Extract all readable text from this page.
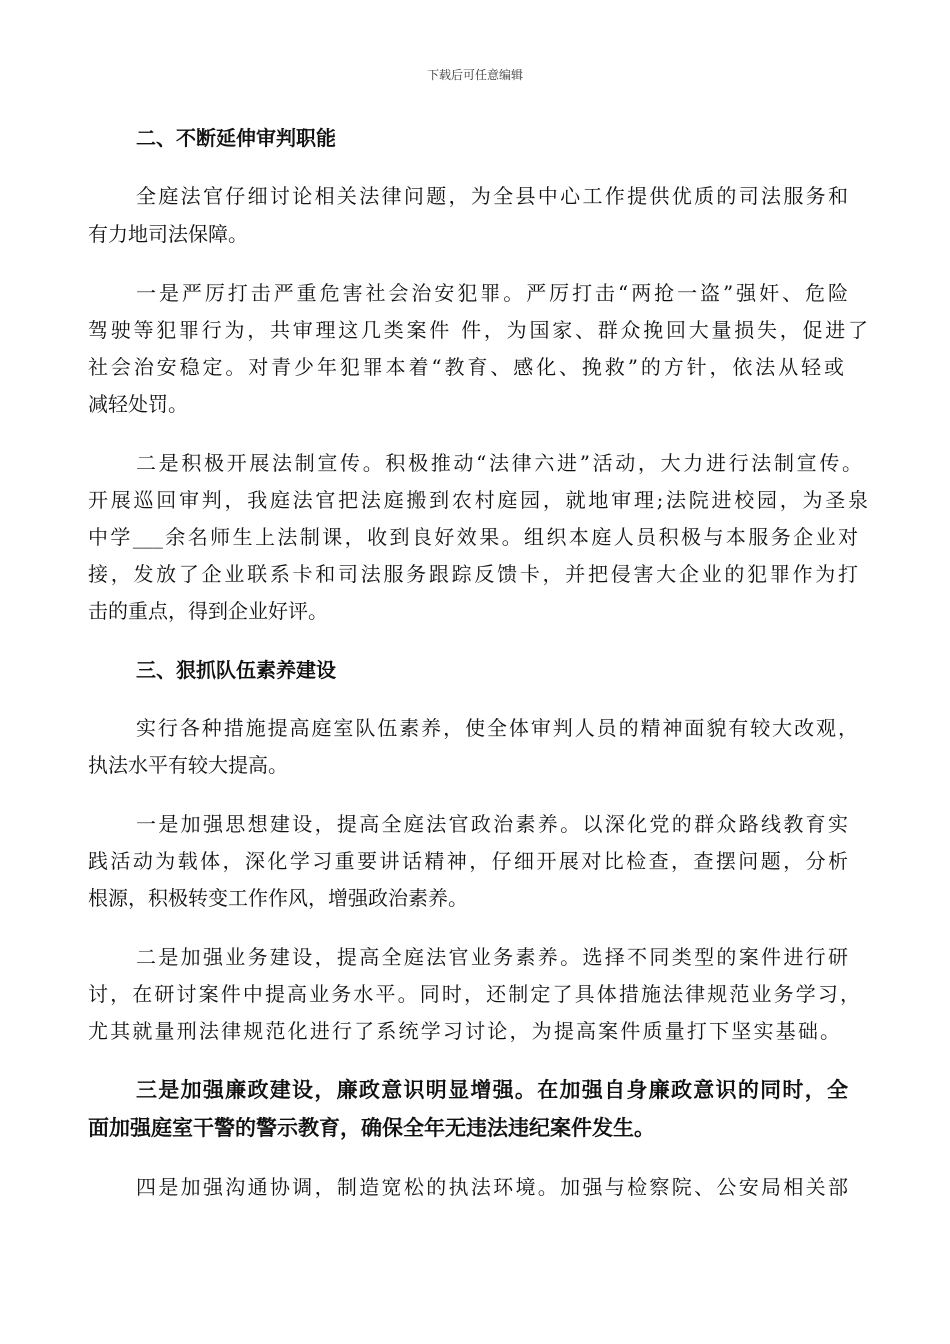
下载后可任意编辑
二、不断延伸审判职能
全庭法官仔细讨论相关法律问题，为全县中心工作提供优质的司法服务和
有力地司法保障。
一是严厉打击严重危害社会治安犯罪。严厉打击“两抢一盗”强奸、危险
驾驶等犯罪行为，共审理这几类案件 件，为国家、群众挽回大量损失，促进了
社会治安稳定。对青少年犯罪本着“教育、感化、挽救”的方针，依法从轻或
减轻处罚。
二是积极开展法制宣传。积极推动“法律六进”活动，大力进行法制宣传。
开展巡回审判，我庭法官把法庭搬到农村庭园，就地审理;法院进校园，为圣泉
中学___余名师生上法制课，收到良好效果。组织本庭人员积极与本服务企业对
接，发放了企业联系卡和司法服务跟踪反馈卡，并把侵害大企业的犯罪作为打
击的重点，得到企业好评。
三、狠抓队伍素养建设
实行各种措施提高庭室队伍素养，使全体审判人员的精神面貌有较大改观，
执法水平有较大提高。
一是加强思想建设，提高全庭法官政治素养。以深化党的群众路线教育实
践活动为载体，深化学习重要讲话精神，仔细开展对比检查，查摆问题，分析
根源，积极转变工作作风，增强政治素养。
二是加强业务建设，提高全庭法官业务素养。选择不同类型的案件进行研
讨，在研讨案件中提高业务水平。同时，还制定了具体措施法律规范业务学习，
尤其就量刑法律规范化进行了系统学习讨论，为提高案件质量打下坚实基础。
三是加强廉政建设，廉政意识明显增强。在加强自身廉政意识的同时，全
面加强庭室干警的警示教育，确保全年无违法违纪案件发生。
四是加强沟通协调，制造宽松的执法环境。加强与检察院、公安局相关部
